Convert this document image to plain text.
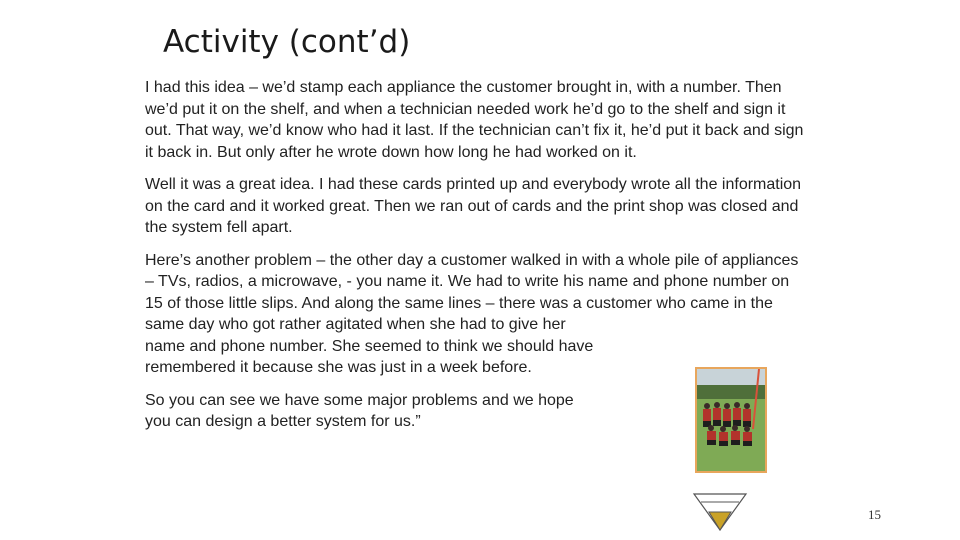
Activity (cont’d)

I had this idea – we’d stamp each appliance the customer brought in, with a number. Then we’d put it on the shelf, and when a technician needed work he’d go to the shelf and sign it out. That way, we’d know who had it last. If the technician can’t fix it, he’d put it back and sign it back in. But only after he wrote down how long he had worked on it.

Well it was a great idea. I had these cards printed up and everybody wrote all the information on the card and it worked great. Then we ran out of cards and the print shop was closed and the system fell apart.

Here’s another problem – the other day a customer walked in with a whole pile of appliances – TVs, radios, a microwave, - you name it. We had to write his name and phone number on 15 of those little slips. And along the same lines – there was a customer who came in the same day who got rather agitated when she had to give her
name and phone number. She seemed to think we should have
remembered it because she was just in a week before.

So you can see we have some major problems and we hope
you can design a better system for us.”

15
